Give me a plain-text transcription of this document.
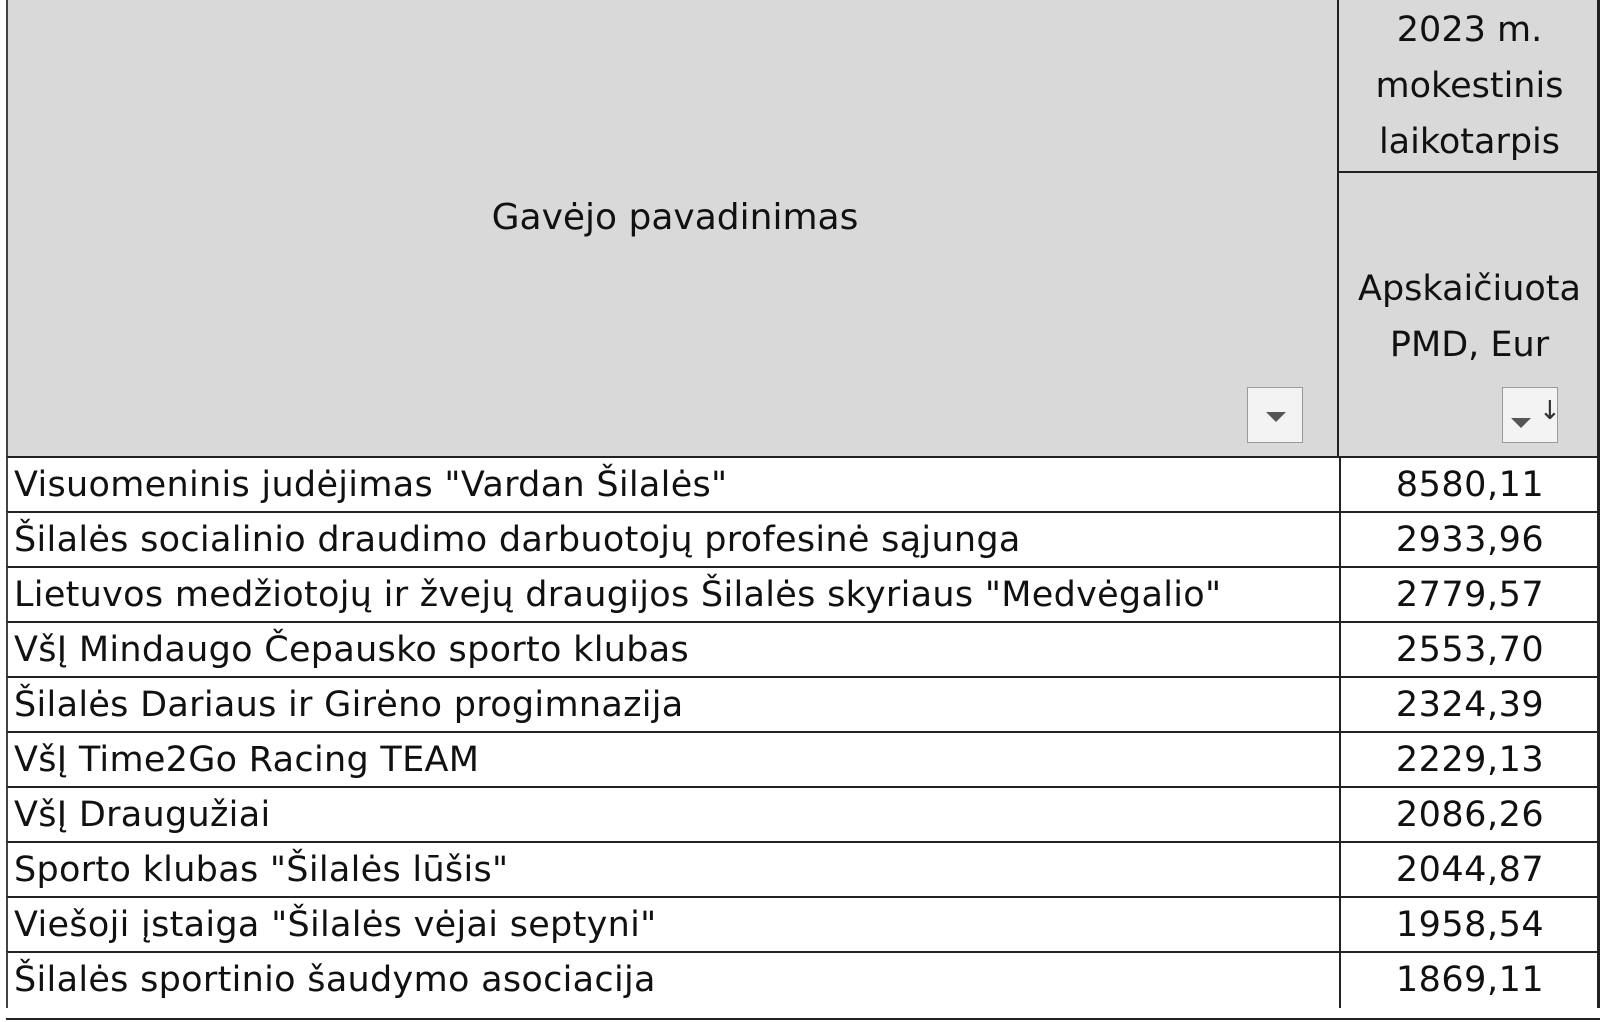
Gavėjo pavadinimas
2023 m.
mokestinis
laikotarpis
Apskaičiuota
PMD, Eur
↓
Visuomeninis judėjimas "Vardan Šilalės"	8580,11
Šilalės socialinio draudimo darbuotojų profesinė sąjunga	2933,96
Lietuvos medžiotojų ir žvejų draugijos Šilalės skyriaus "Medvėgalio"	2779,57
VšĮ Mindaugo Čepausko sporto klubas	2553,70
Šilalės Dariaus ir Girėno progimnazija	2324,39
VšĮ Time2Go Racing TEAM	2229,13
VšĮ Draugužiai	2086,26
Sporto klubas "Šilalės lūšis"	2044,87
Viešoji įstaiga "Šilalės vėjai septyni"	1958,54
Šilalės sportinio šaudymo asociacija	1869,11
